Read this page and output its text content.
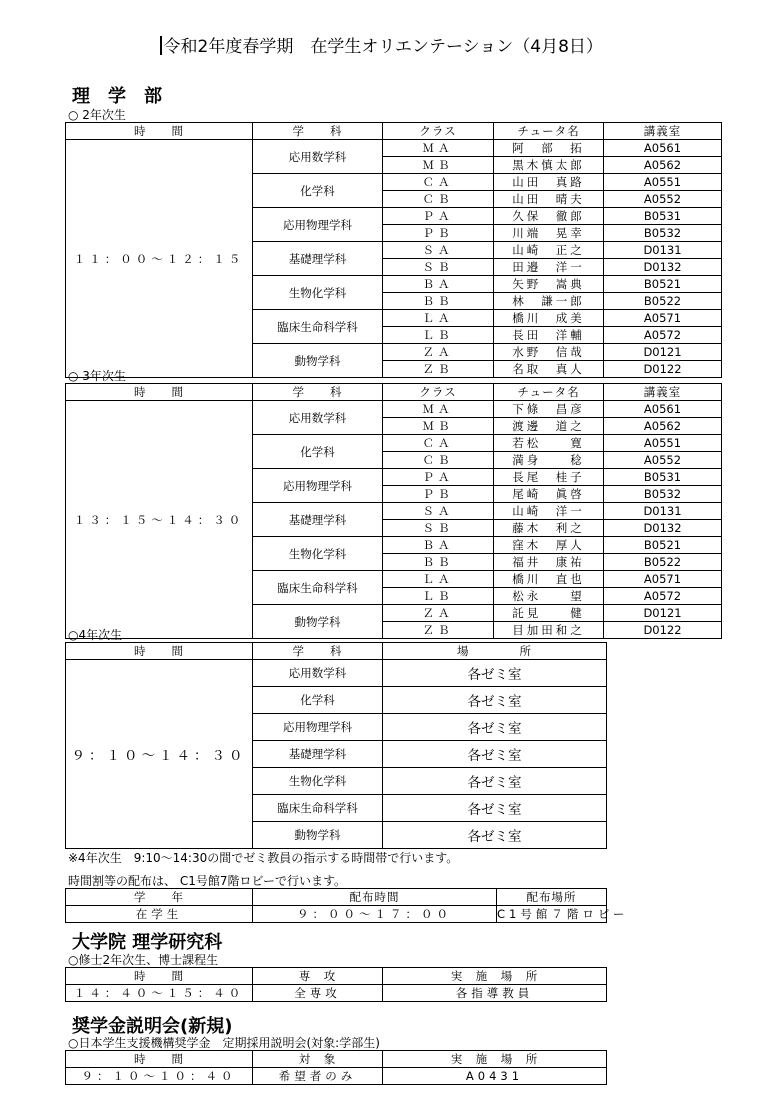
令和2年度春学期　在学生オリエンテーション（4月8日）
理　学　部
○ 2年次生
時　　間	学　　科	クラス	チュータ名	講義室
１１：００～１２：１５	応用数学科	ＭＡ	阿　部　拓	A0561
		ＭＢ	黒木慎太郎	A0562
	化学科	ＣＡ	山田　真路	A0551
		ＣＢ	山田　晴夫	A0552
	応用物理学科	ＰＡ	久保　徹郎	B0531
		ＰＢ	川端　晃幸	B0532
	基礎理学科	ＳＡ	山崎　正之	D0131
		ＳＢ	田邉　洋一	D0132
	生物化学科	ＢＡ	矢野　嵩典	B0521
		ＢＢ	林　謙一郎	B0522
	臨床生命科学科	ＬＡ	橋川　成美	A0571
		ＬＢ	長田　洋輔	A0572
	動物学科	ＺＡ	水野　信哉	D0121
		ＺＢ	名取　真人	D0122
○ 3年次生
時　　間	学　　科	クラス	チュータ名	講義室
１３：１５～１４：３０	応用数学科	ＭＡ	下條　昌彦	A0561
		ＭＢ	渡邊　道之	A0562
	化学科	ＣＡ	若松　　寛	A0551
		ＣＢ	満身　　稔	A0552
	応用物理学科	ＰＡ	長尾　桂子	B0531
		ＰＢ	尾崎　眞啓	B0532
	基礎理学科	ＳＡ	山崎　洋一	D0131
		ＳＢ	藤木　利之	D0132
	生物化学科	ＢＡ	窪木　厚人	B0521
		ＢＢ	福井　康祐	B0522
	臨床生命科学科	ＬＡ	橋川　直也	A0571
		ＬＢ	松永　　望	A0572
	動物学科	ＺＡ	託見　　健	D0121
		ＺＢ	目加田和之	D0122
○4年次生
時　　間	学　　科	場　　　　所
９：１０～１４：３０	応用数学科	各ゼミ室
	化学科	各ゼミ室
	応用物理学科	各ゼミ室
	基礎理学科	各ゼミ室
	生物化学科	各ゼミ室
	臨床生命科学科	各ゼミ室
	動物学科	各ゼミ室
※4年次生　9:10～14:30の間でゼミ教員の指示する時間帯で行います。
時間割等の配布は、 C1号館7階ロビーで行います。
学　　年	配布時間	配布場所
在学生	９：００～１７：００	C1号館７階ロビー
大学院 理学研究科
○修士2年次生、博士課程生
時　　間	専　攻	実　施　場　所
１４：４０～１５：４０	全専攻	各指導教員
奨学金説明会(新規)
○日本学生支援機構奨学金　定期採用説明会(対象:学部生)
時　　間	対　象	実　施　場　所
９：１０～１０：４０	希望者のみ	A0431
